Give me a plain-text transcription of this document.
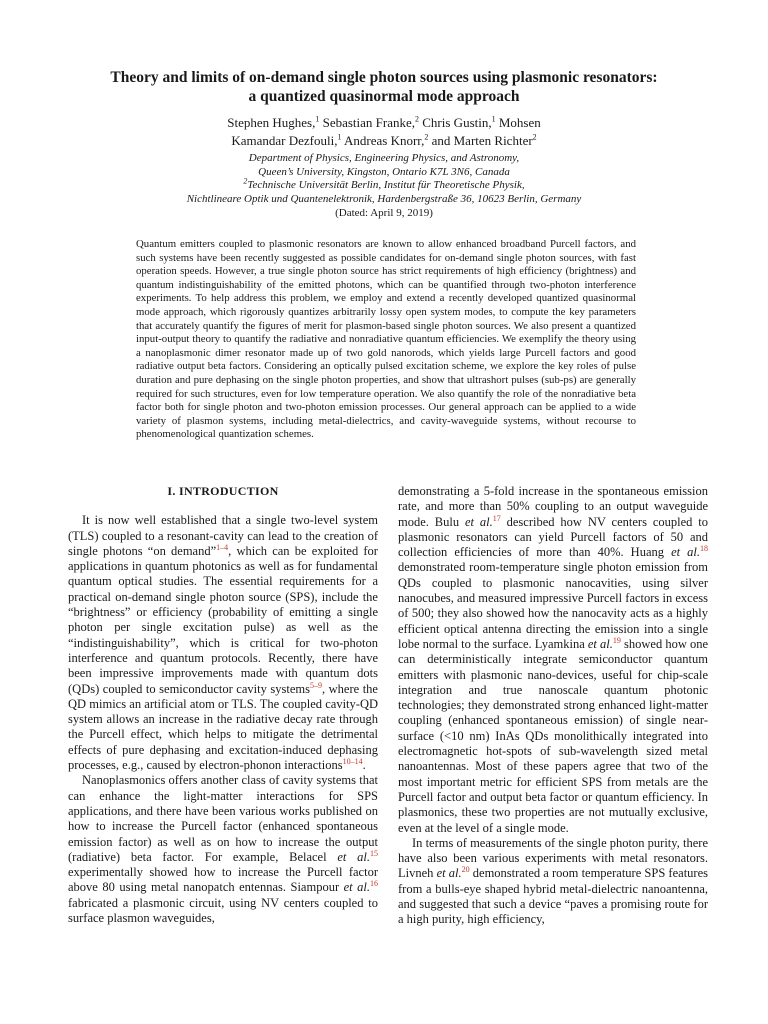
Theory and limits of on-demand single photon sources using plasmonic resonators:
a quantized quasinormal mode approach
Stephen Hughes,$^1$ Sebastian Franke,$^2$ Chris Gustin,$^1$ Mohsen
Kamandar Dezfouli,$^1$ Andreas Knorr,$^2$ and Marten Richter$^2$
Department of Physics, Engineering Physics, and Astronomy,
Queen’s University, Kingston, Ontario K7L 3N6, Canada
$^2$Technische Universität Berlin, Institut für Theoretische Physik,
Nichtlineare Optik und Quantenelektronik, Hardenbergstraße 36, 10623 Berlin, Germany
(Dated: April 9, 2019)
Quantum emitters coupled to plasmonic resonators are known to allow enhanced broadband Purcell factors, and such systems have been recently suggested as possible candidates for on-demand single photon sources, with fast operation speeds. However, a true single photon source has strict requirements of high efficiency (brightness) and quantum indistinguishability of the emitted photons, which can be quantified through two-photon interference experiments. To help address this problem, we employ and extend a recently developed quantized quasinormal mode approach, which rigorously quantizes arbitrarily lossy open system modes, to compute the key parameters that accurately quantify the figures of merit for plasmon-based single photon sources. We also present a quantized input-output theory to quantify the radiative and nonradiative quantum efficiencies. We exemplify the theory using a nanoplasmonic dimer resonator made up of two gold nanorods, which yields large Purcell factors and good radiative output beta factors. Considering an optically pulsed excitation scheme, we explore the key roles of pulse duration and pure dephasing on the single photon properties, and show that ultrashort pulses (sub-ps) are generally required for such structures, even for low temperature operation. We also quantify the role of the nonradiative beta factor both for single photon and two-photon emission processes. Our general approach can be applied to a wide variety of plasmon systems, including metal-dielectrics, and cavity-waveguide systems, without recourse to phenomenological quantization schemes.
I. INTRODUCTION

It is now well established that a single two-level system (TLS) coupled to a resonant-cavity can lead to the creation of single photons “on demand”$^{1-4}$, which can be exploited for applications in quantum photonics as well as for fundamental quantum optical studies. The essential requirements for a practical on-demand single photon source (SPS), include the “brightness” or efficiency (probability of emitting a single photon per single excitation pulse) as well as the “indistinguishability”, which is critical for two-photon interference and quantum protocols. Recently, there have been impressive improvements made with quantum dots (QDs) coupled to semiconductor cavity systems$^{5-9}$, where the QD mimics an artificial atom or TLS. The coupled cavity-QD system allows an increase in the radiative decay rate through the Purcell effect, which helps to mitigate the detrimental effects of pure dephasing and excitation-induced dephasing processes, e.g., caused by electron-phonon interactions$^{10-14}$.

Nanoplasmonics offers another class of cavity systems that can enhance the light-matter interactions for SPS applications, and there have been various works published on how to increase the Purcell factor (enhanced spontaneous emission factor) as well as on how to increase the output (radiative) beta factor. For example, Belacel et al.$^{15}$ experimentally showed how to increase the Purcell factor above 80 using metal nanopatch entennas. Siampour et al.$^{16}$ fabricated a plasmonic circuit, using NV centers coupled to surface plasmon waveguides,

demonstrating a 5-fold increase in the spontaneous emission rate, and more than 50% coupling to an output waveguide mode. Bulu et al.$^{17}$ described how NV centers coupled to plasmonic resonators can yield Purcell factors of 50 and collection efficiencies of more than 40%. Huang et al.$^{18}$ demonstrated room-temperature single photon emission from QDs coupled to plasmonic nanocavities, using silver nanocubes, and measured impressive Purcell factors in excess of 500; they also showed how the nanocavity acts as a highly efficient optical antenna directing the emission into a single lobe normal to the surface. Lyamkina et al.$^{19}$ showed how one can deterministically integrate semiconductor quantum emitters with plasmonic nano-devices, useful for chip-scale integration and true nanoscale quantum photonic technologies; they demonstrated strong enhanced light-matter coupling (enhanced spontaneous emission) of single near-surface (<10 nm) InAs QDs monolithically integrated into electromagnetic hot-spots of sub-wavelength sized metal nanoantennas. Most of these papers agree that two of the most important metric for efficient SPS from metals are the Purcell factor and output beta factor or quantum efficiency. In plasmonics, these two properties are not mutually exclusive, even at the level of a single mode.

In terms of measurements of the single photon purity, there have also been various experiments with metal resonators. Livneh et al.$^{20}$ demonstrated a room temperature SPS features from a bulls-eye shaped hybrid metal-dielectric nanoantenna, and suggested that such a device “paves a promising route for a high purity, high efficiency,
